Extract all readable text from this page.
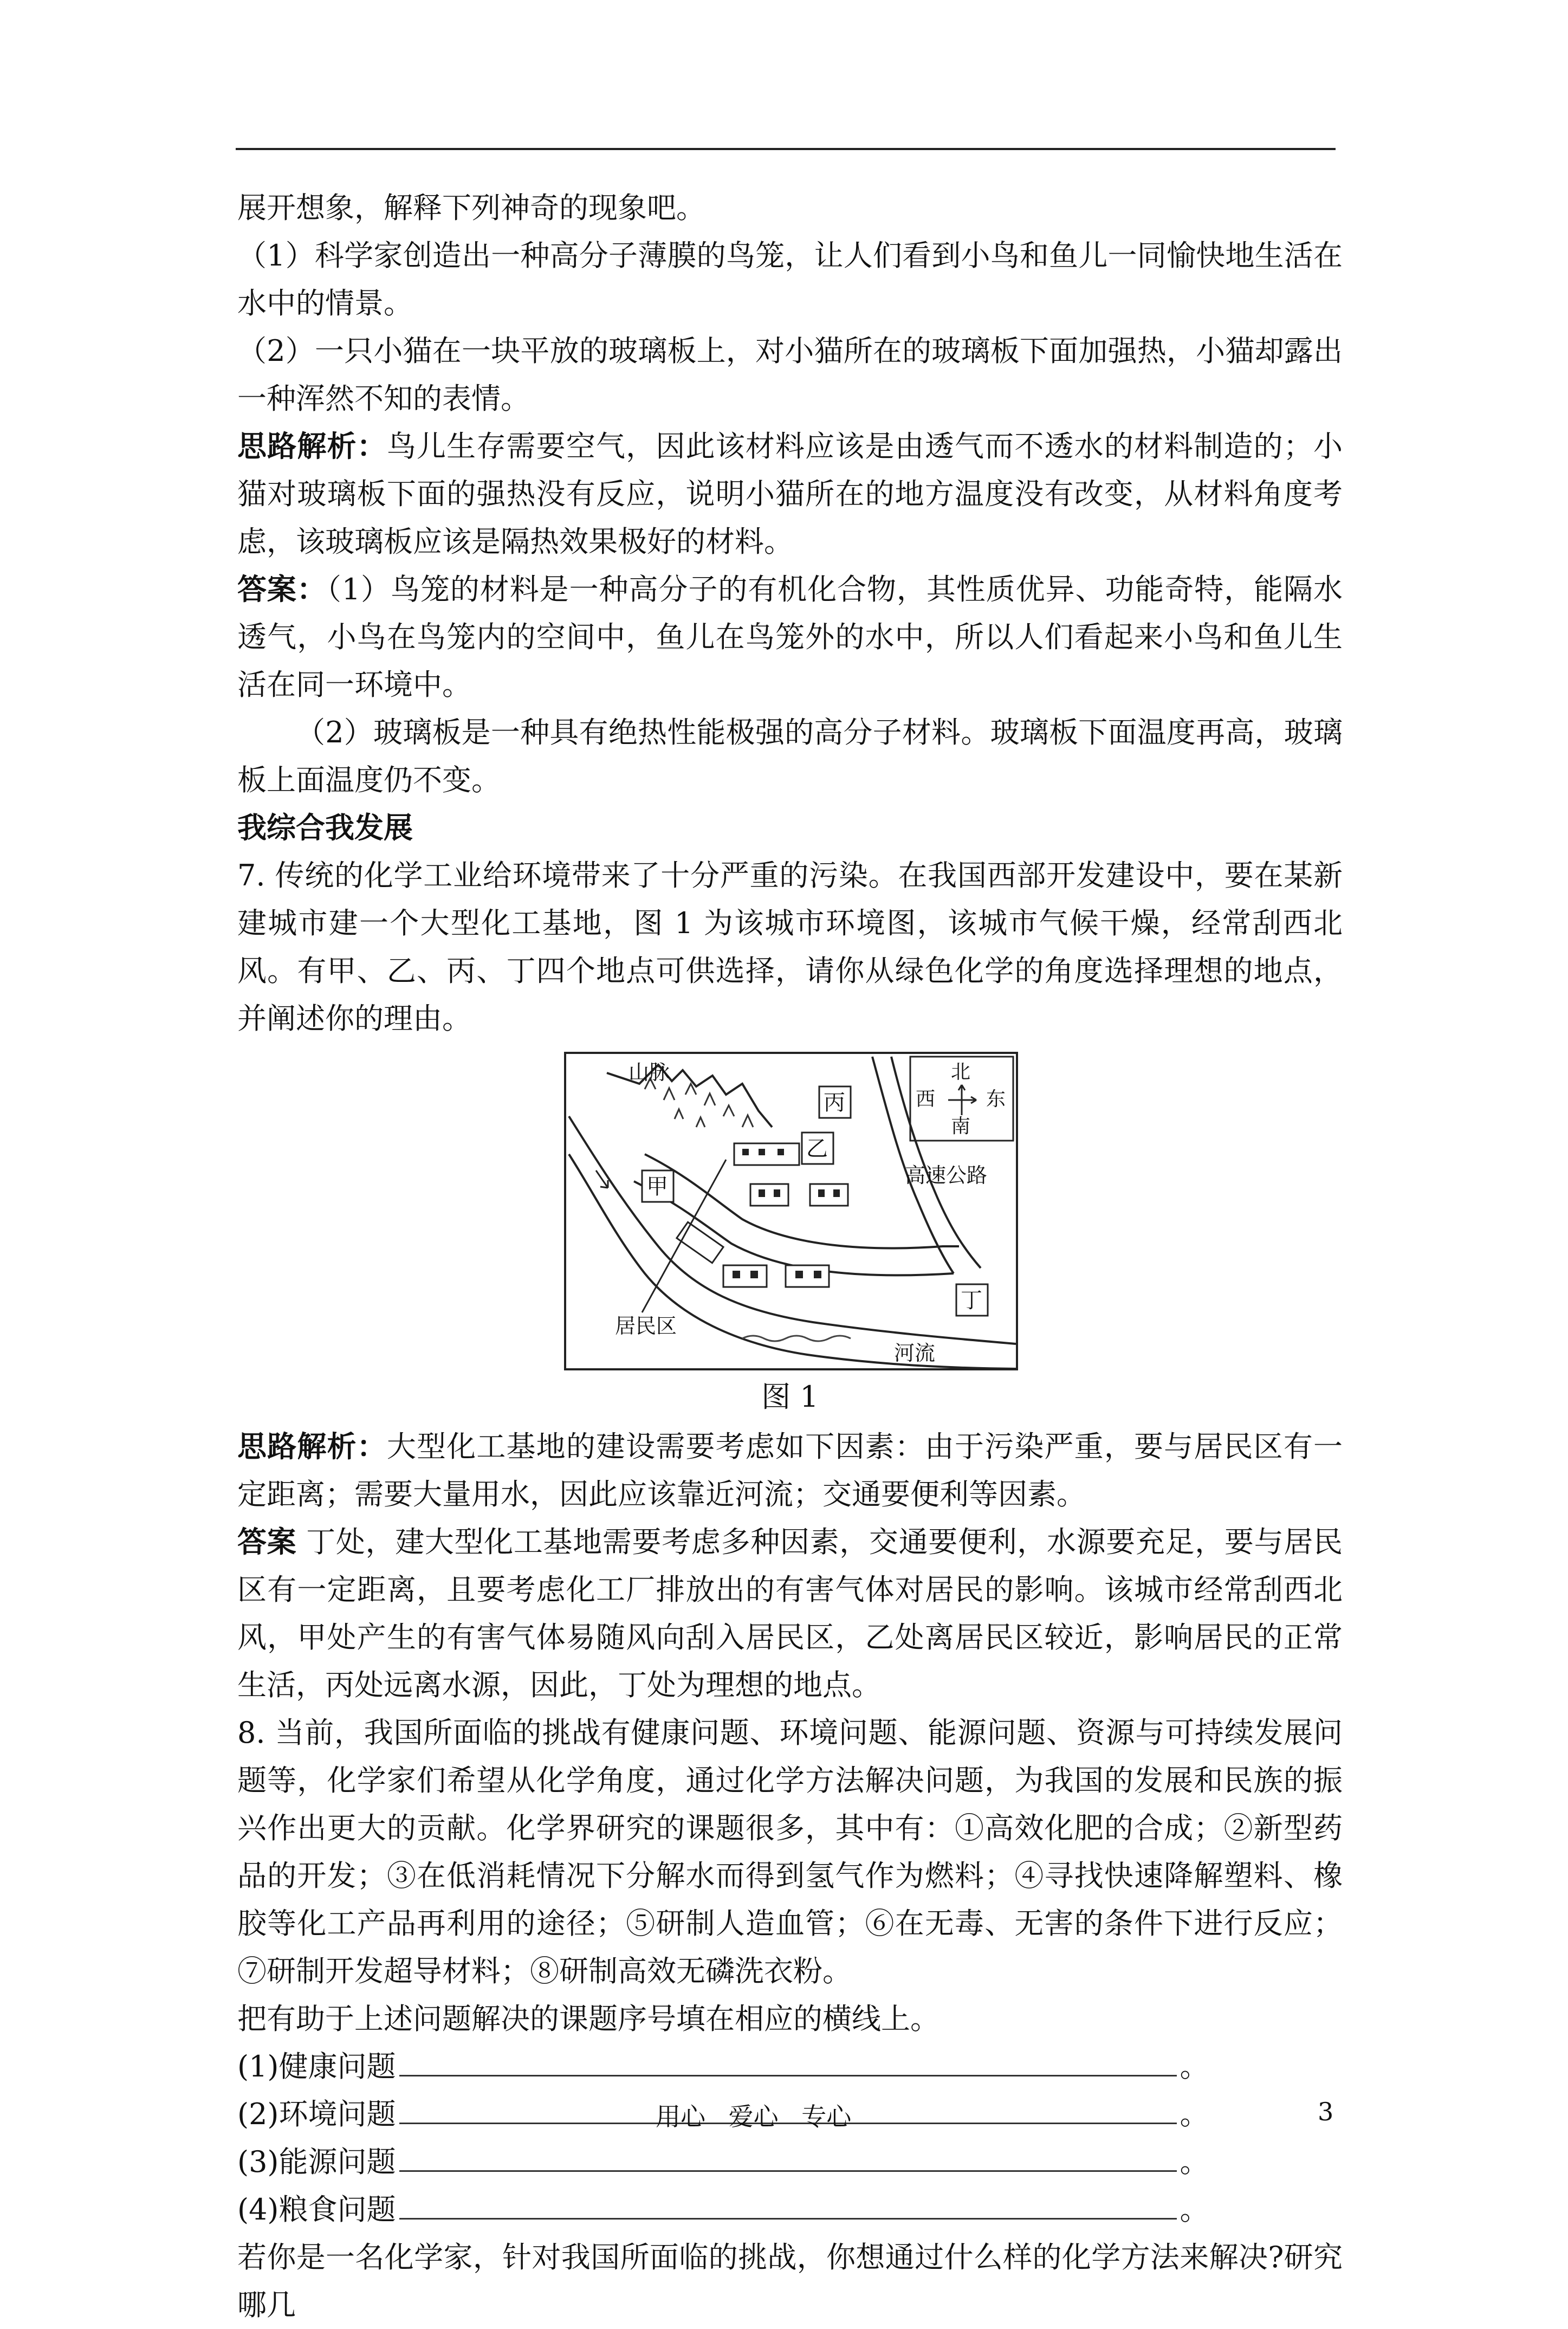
展开想象，解释下列神奇的现象吧。

（1）科学家创造出一种高分子薄膜的鸟笼，让人们看到小鸟和鱼儿一同愉快地生活在水中的情景。

（2）一只小猫在一块平放的玻璃板上，对小猫所在的玻璃板下面加强热，小猫却露出一种浑然不知的表情。

思路解析：鸟儿生存需要空气，因此该材料应该是由透气而不透水的材料制造的；小猫对玻璃板下面的强热没有反应，说明小猫所在的地方温度没有改变，从材料角度考虑，该玻璃板应该是隔热效果极好的材料。

答案：（1）鸟笼的材料是一种高分子的有机化合物，其性质优异、功能奇特，能隔水透气，小鸟在鸟笼内的空间中，鱼儿在鸟笼外的水中，所以人们看起来小鸟和鱼儿生活在同一环境中。

（2）玻璃板是一种具有绝热性能极强的高分子材料。玻璃板下面温度再高，玻璃板上面温度仍不变。

我综合我发展

7. 传统的化学工业给环境带来了十分严重的污染。在我国西部开发建设中，要在某新建城市建一个大型化工基地，图 1 为该城市环境图，该城市气候干燥，经常刮西北风。有甲、乙、丙、丁四个地点可供选择，请你从绿色化学的角度选择理想的地点，并阐述你的理由。

山脉
丙
北
南
西	东
高速公路
河流
甲
乙
丁
居民区

图 1

思路解析：大型化工基地的建设需要考虑如下因素：由于污染严重，要与居民区有一定距离；需要大量用水，因此应该靠近河流；交通要便利等因素。

答案 丁处，建大型化工基地需要考虑多种因素，交通要便利，水源要充足，要与居民区有一定距离，且要考虑化工厂排放出的有害气体对居民的影响。该城市经常刮西北风，甲处产生的有害气体易随风向刮入居民区，乙处离居民区较近，影响居民的正常生活，丙处远离水源，因此，丁处为理想的地点。

8. 当前，我国所面临的挑战有健康问题、环境问题、能源问题、资源与可持续发展问题等，化学家们希望从化学角度，通过化学方法解决问题，为我国的发展和民族的振兴作出更大的贡献。化学界研究的课题很多，其中有：①高效化肥的合成；②新型药品的开发；③在低消耗情况下分解水而得到氢气作为燃料；④寻找快速降解塑料、橡胶等化工产品再利用的途径；⑤研制人造血管；⑥在无毒、无害的条件下进行反应；⑦研制开发超导材料；⑧研制高效无磷洗衣粉。

把有助于上述问题解决的课题序号填在相应的横线上。

(1)健康问题	。
(2)环境问题	。
(3)能源问题	。
(4)粮食问题	。

若你是一名化学家，针对我国所面临的挑战，你想通过什么样的化学方法来解决?研究哪几

用心 爱心 专心	3
